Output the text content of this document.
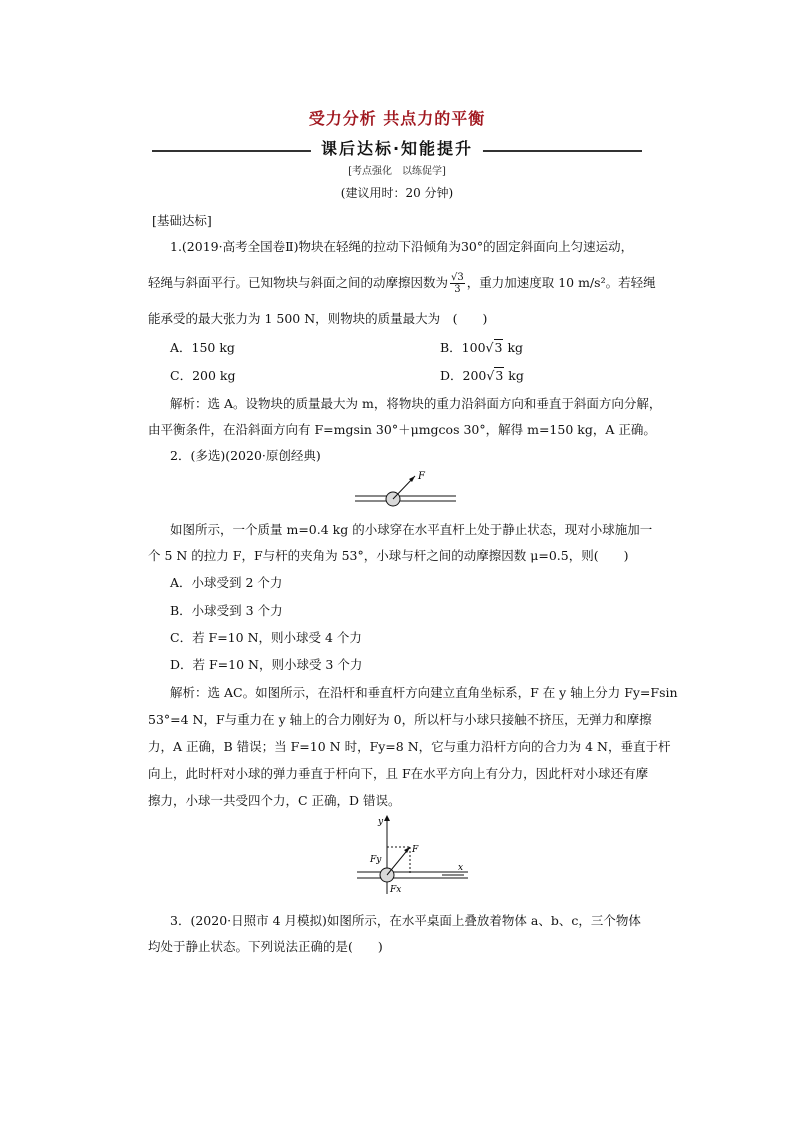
受力分析 共点力的平衡
课后达标·知能提升
[考点强化　以练促学]
(建议用时：20 分钟)
[基础达标]
1.(2019·高考全国卷Ⅱ)物块在轻绳的拉动下沿倾角为30°的固定斜面向上匀速运动，
轻绳与斜面平行。已知物块与斜面之间的动摩擦因数为 $\frac{√3}{3}$ ，重力加速度取 10 m/s²。若轻绳
能承受的最大张力为 1 500 N，则物块的质量最大为　(　　)
A．150 kg	B．100√3 kg
C．200 kg	D．200√3 kg
解析：选 A。设物块的质量最大为 m，将物块的重力沿斜面方向和垂直于斜面方向分解，
由平衡条件，在沿斜面方向有 F=mgsin 30°＋μmgcos 30°，解得 m=150 kg，A 正确。
2．(多选)(2020·原创经典)
F
如图所示，一个质量 m=0.4 kg 的小球穿在水平直杆上处于静止状态，现对小球施加一
个 5 N 的拉力 F，F与杆的夹角为 53°，小球与杆之间的动摩擦因数 μ=0.5，则(　　)
A．小球受到 2 个力
B．小球受到 3 个力
C．若 F=10 N，则小球受 4 个力
D．若 F=10 N，则小球受 3 个力
解析：选 AC。如图所示，在沿杆和垂直杆方向建立直角坐标系，F 在 y 轴上分力 Fy=Fsin
53°=4 N，F与重力在 y 轴上的合力刚好为 0，所以杆与小球只接触不挤压，无弹力和摩擦
力，A 正确，B 错误；当 F=10 N 时，Fy=8 N，它与重力沿杆方向的合力为 4 N，垂直于杆
向上，此时杆对小球的弹力垂直于杆向下，且 F在水平方向上有分力，因此杆对小球还有摩
擦力，小球一共受四个力，C 正确，D 错误。
y
x
F
Fy
Fx
3．(2020·日照市 4 月模拟)如图所示，在水平桌面上叠放着物体 a、b、c，三个物体
均处于静止状态。下列说法正确的是(　　)
